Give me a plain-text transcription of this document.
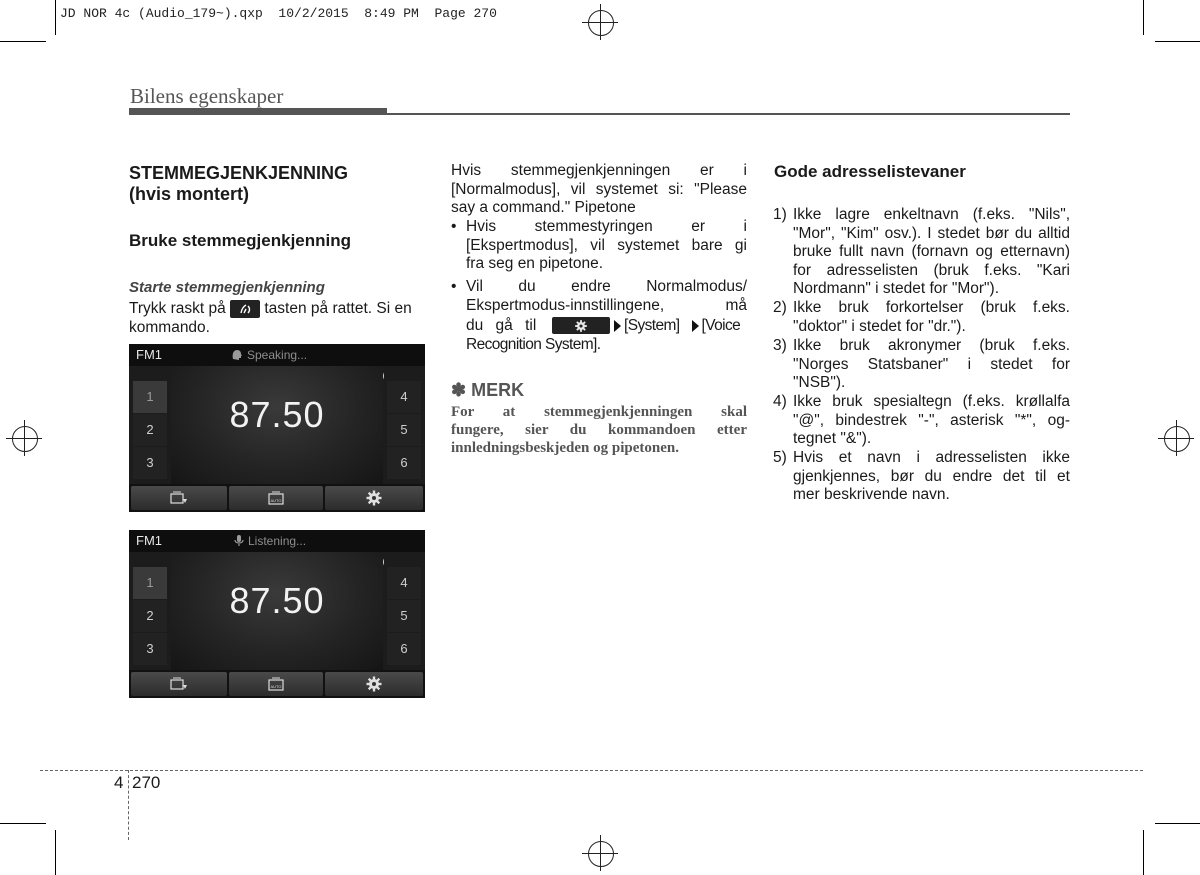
JD NOR 4c (Audio_179~).qxp  10/2/2015  8:49 PM  Page 270
Bilens egenskaper
STEMMEGJENKJENNING
(hvis montert)
Bruke stemmegjenkjenning
Starte stemmegjenkjenning
Trykk raskt på tasten på rattet. Si en
kommando.
FM1	Speaking...
87.50
1
2
3
4
5
6
AUTO
FM1	Listening...
87.50
1
2
3
4
5
6
AUTO
Hvis stemmegjenkjenningen er i
[Normalmodus], vil systemet si: "Please
say a command." Pipetone
• Hvis stemmestyringen er i
[Ekspertmodus], vil systemet bare gi
fra seg en pipetone.
• Vil du endre Normalmodus/
Ekspertmodus-innstillingene, må
du gå til	[System] [Voice
Recognition System].
✽ MERK
For at stemmegjenkjenningen skal
fungere, sier du kommandoen etter
innledningsbeskjeden og pipetonen.
Gode adresselistevaner
1) Ikke lagre enkeltnavn (f.eks. "Nils",
"Mor", "Kim" osv.). I stedet bør du alltid
bruke fullt navn (fornavn og etternavn)
for adresselisten (bruk f.eks. "Kari
Nordmann" i stedet for "Mor").
2) Ikke bruk forkortelser (bruk f.eks.
"doktor" i stedet for "dr.").
3) Ikke bruk akronymer (bruk f.eks.
"Norges Statsbaner" i stedet for
"NSB").
4) Ikke bruk spesialtegn (f.eks. krøllalfa
"@", bindestrek "-", asterisk "*", og-
tegnet "&").
5) Hvis et navn i adresselisten ikke
gjenkjennes, bør du endre det til et
mer beskrivende navn.
4 270
